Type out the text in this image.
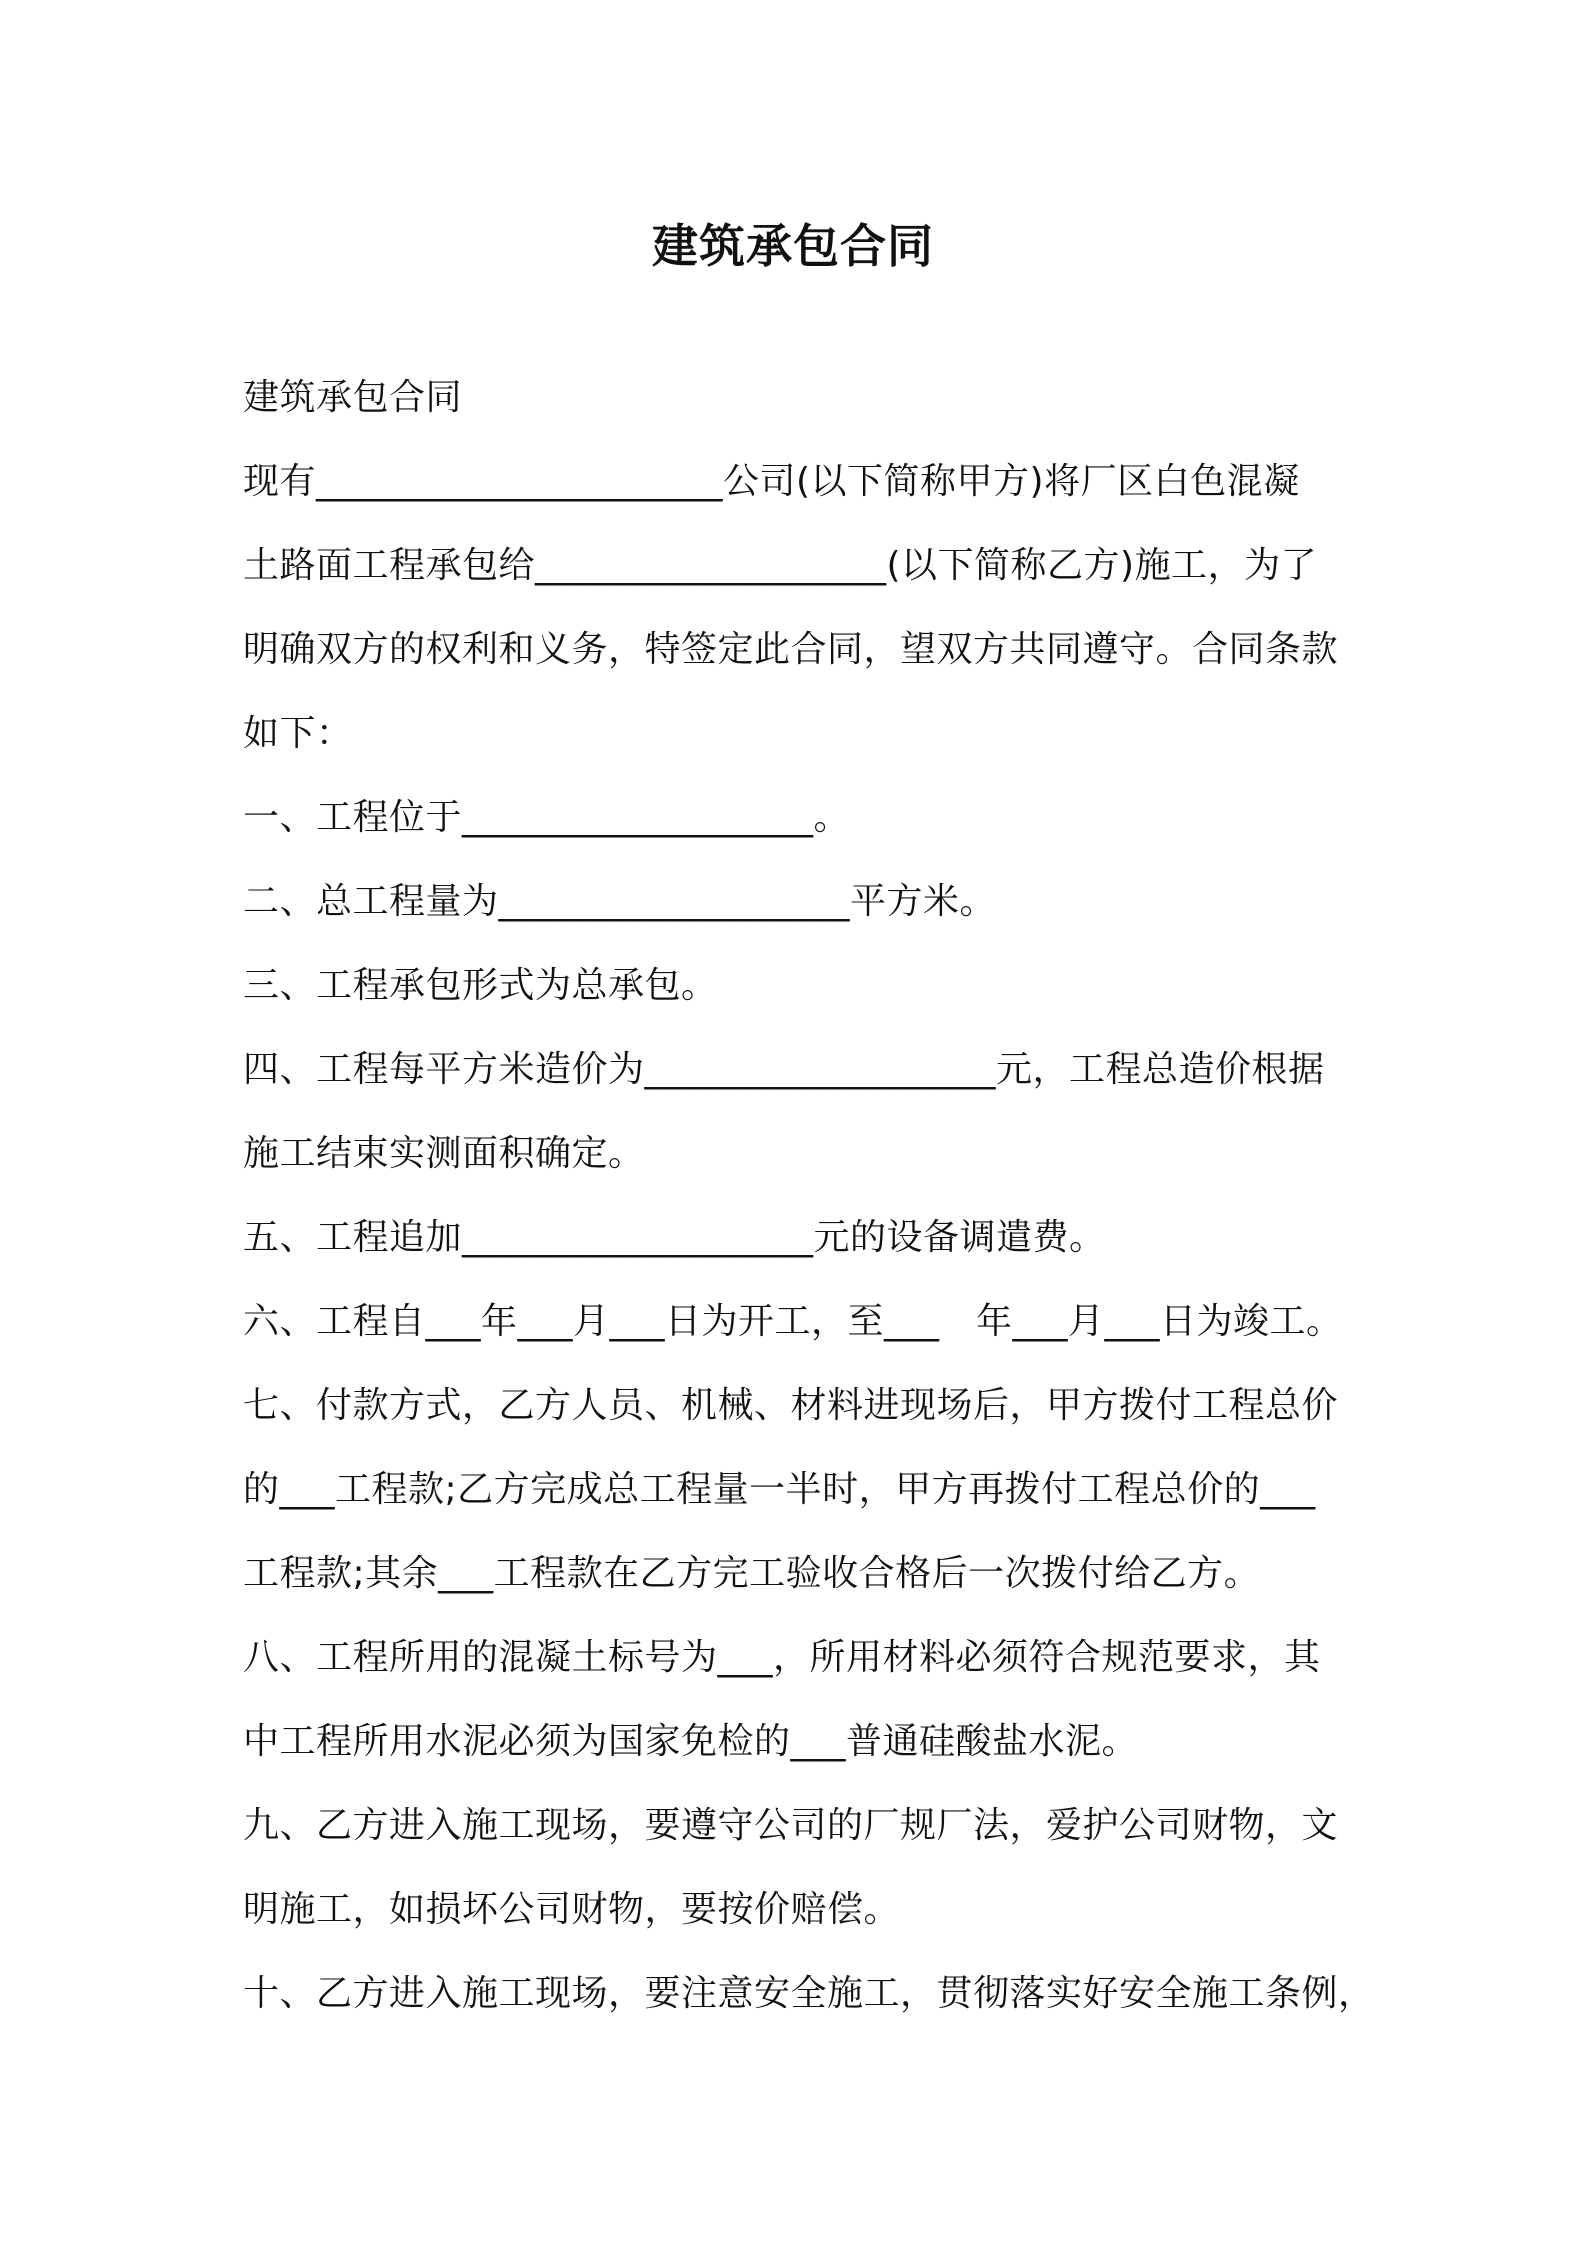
建筑承包合同
建筑承包合同
现有______________________公司(以下简称甲方)将厂区白色混凝
土路面工程承包给___________________(以下简称乙方)施工，为了
明确双方的权利和义务，特签定此合同，望双方共同遵守。合同条款
如下：
一、工程位于___________________。
二、总工程量为___________________平方米。
三、工程承包形式为总承包。
四、工程每平方米造价为___________________元，工程总造价根据
施工结束实测面积确定。
五、工程追加___________________元的设备调遣费。
六、工程自___年___月___日为开工，至___　年___月___日为竣工。
七、付款方式，乙方人员、机械、材料进现场后，甲方拨付工程总价
的___工程款;乙方完成总工程量一半时，甲方再拨付工程总价的___
工程款;其余___工程款在乙方完工验收合格后一次拨付给乙方。
八、工程所用的混凝土标号为___，所用材料必须符合规范要求，其
中工程所用水泥必须为国家免检的___普通硅酸盐水泥。
九、乙方进入施工现场，要遵守公司的厂规厂法，爱护公司财物，文
明施工，如损坏公司财物，要按价赔偿。
十、乙方进入施工现场，要注意安全施工，贯彻落实好安全施工条例，
